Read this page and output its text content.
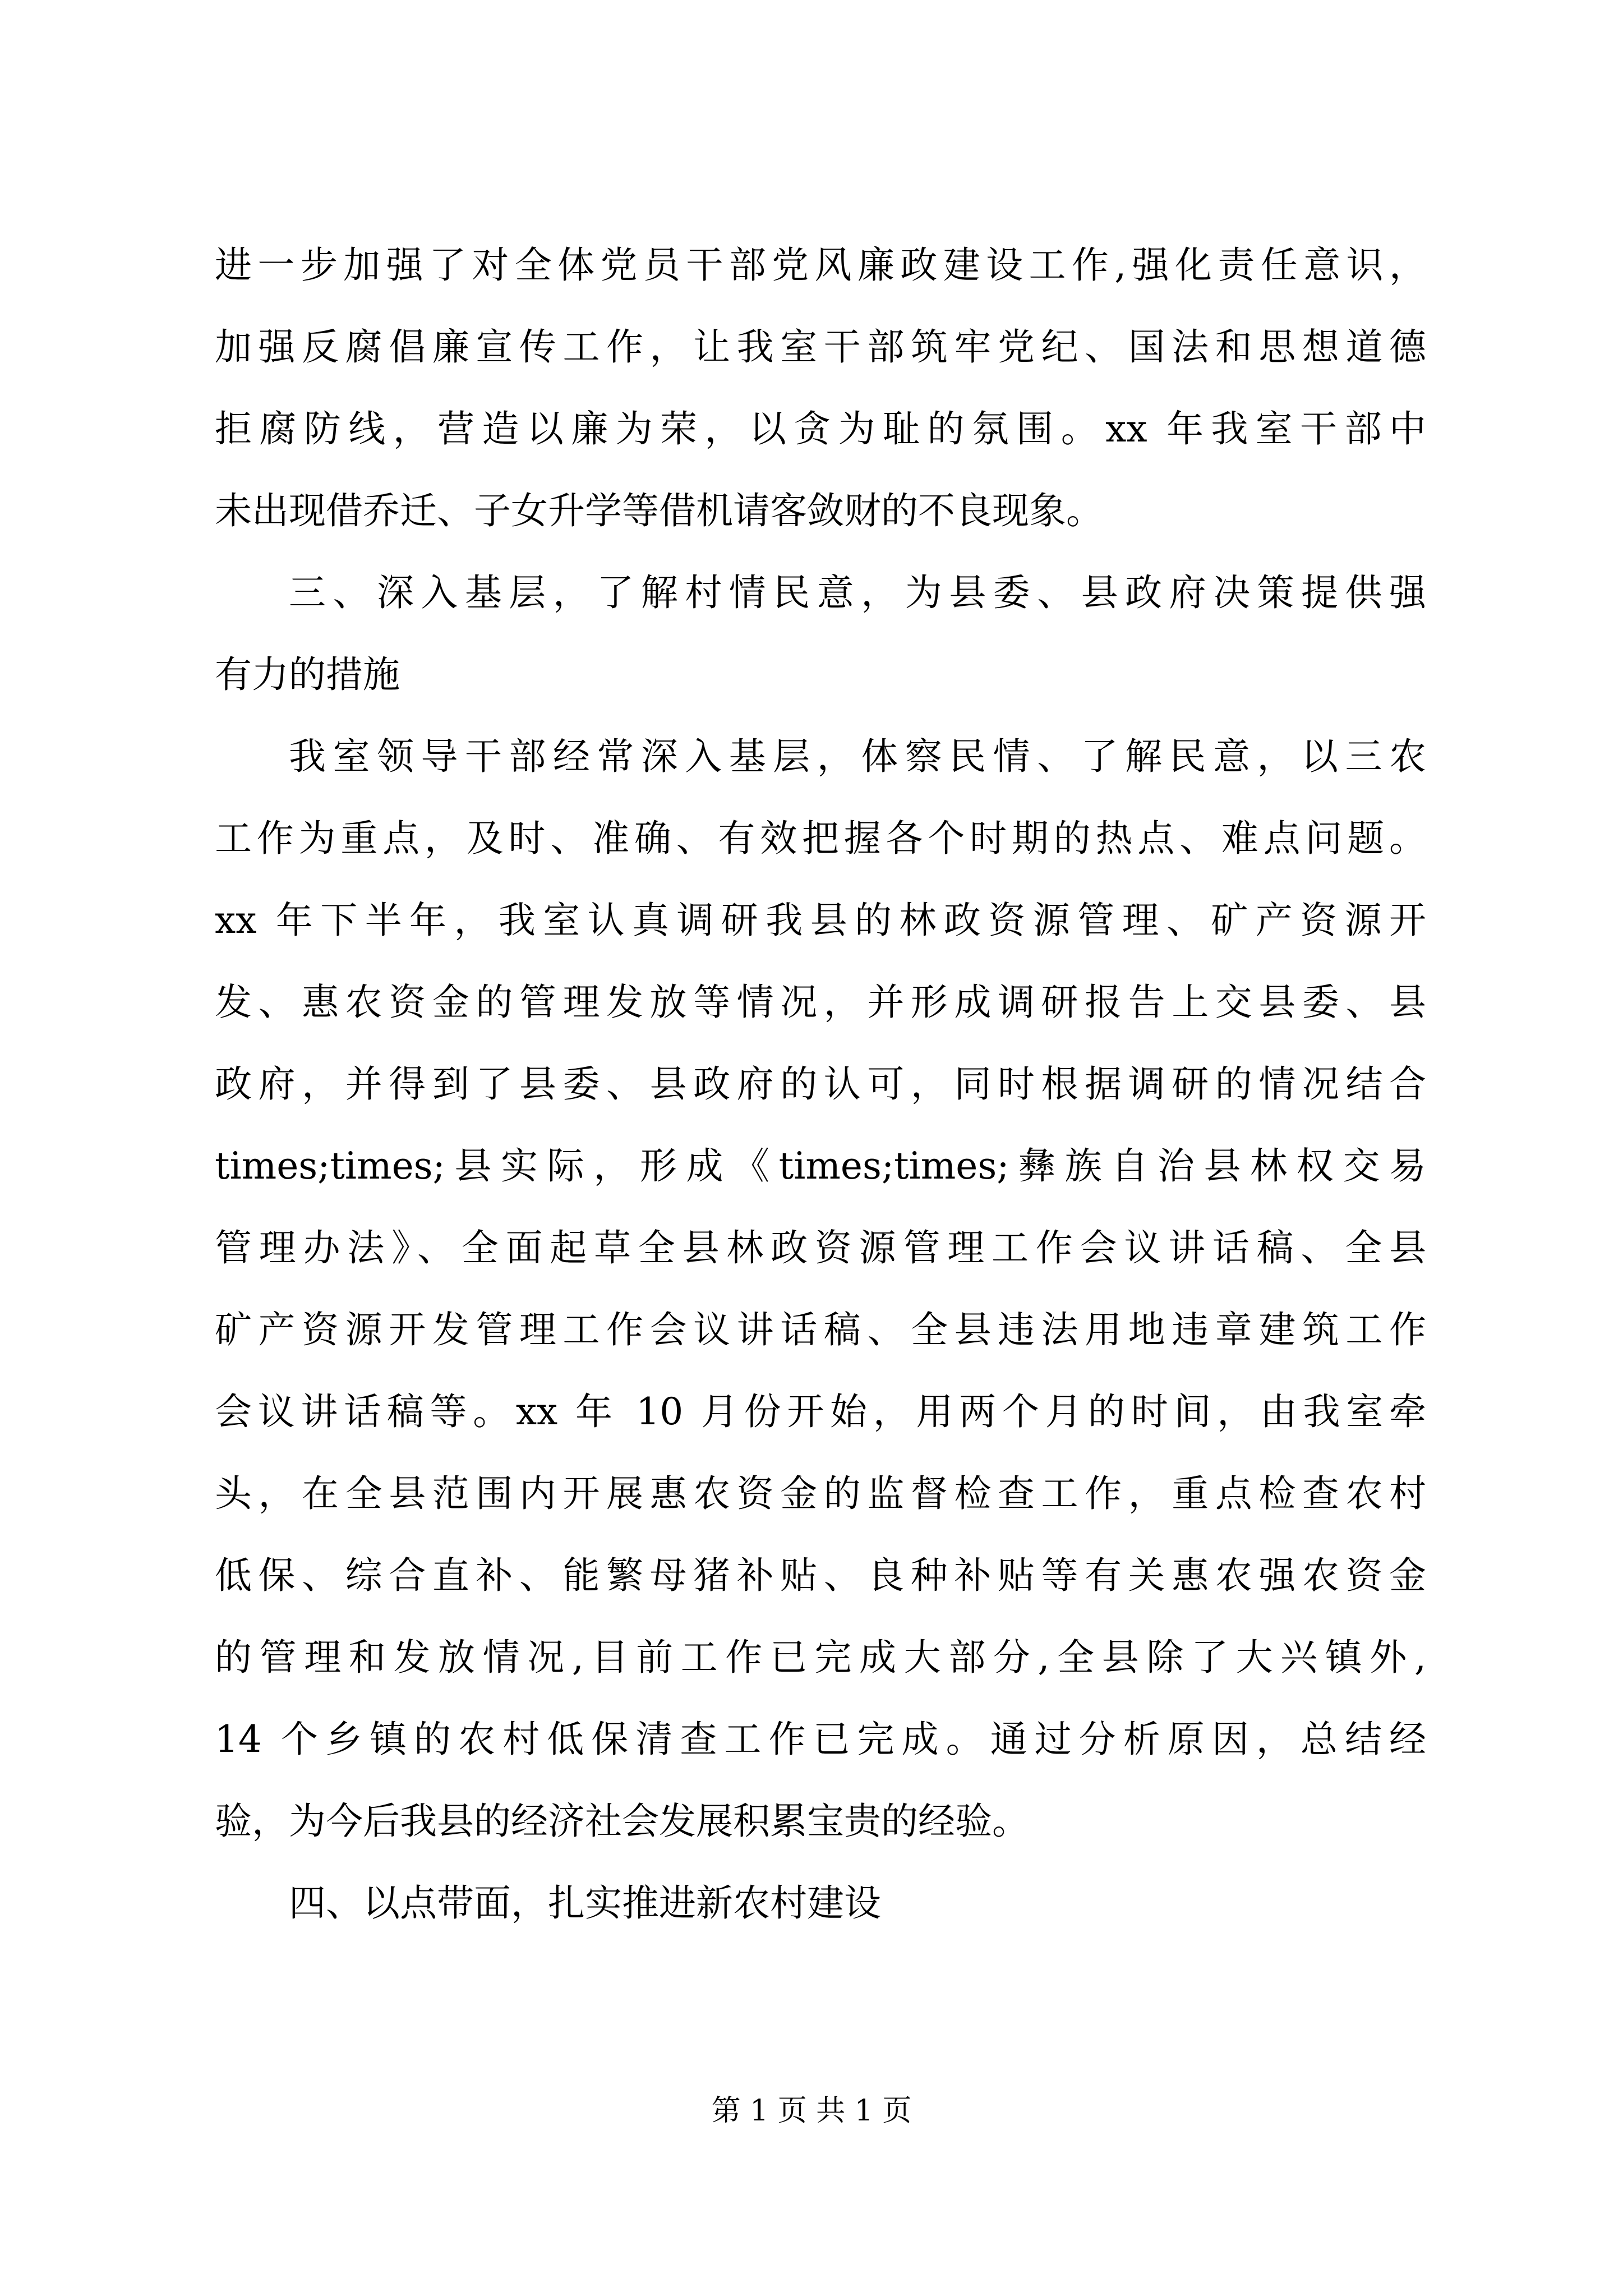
进一步加强了对全体党员干部党风廉政建设工作,强化责任意识，
加强反腐倡廉宣传工作，让我室干部筑牢党纪、国法和思想道德
拒腐防线，营造以廉为荣，以贪为耻的氛围。xx 年我室干部中
未出现借乔迁、子女升学等借机请客敛财的不良现象。
三、深入基层，了解村情民意，为县委、县政府决策提供强
有力的措施
我室领导干部经常深入基层，体察民情、了解民意，以三农
工作为重点，及时、准确、有效把握各个时期的热点、难点问题。
xx 年下半年，我室认真调研我县的林政资源管理、矿产资源开
发、惠农资金的管理发放等情况，并形成调研报告上交县委、县
政府，并得到了县委、县政府的认可，同时根据调研的情况结合
times;times;县实际，形成《times;times;彝族自治县林权交易
管理办法》、全面起草全县林政资源管理工作会议讲话稿、全县
矿产资源开发管理工作会议讲话稿、全县违法用地违章建筑工作
会议讲话稿等。xx 年 10 月份开始，用两个月的时间，由我室牵
头，在全县范围内开展惠农资金的监督检查工作，重点检查农村
低保、综合直补、能繁母猪补贴、良种补贴等有关惠农强农资金
的管理和发放情况,目前工作已完成大部分,全县除了大兴镇外,
14 个乡镇的农村低保清查工作已完成。通过分析原因，总结经
验，为今后我县的经济社会发展积累宝贵的经验。
四、以点带面，扎实推进新农村建设
第 1 页 共 1 页
